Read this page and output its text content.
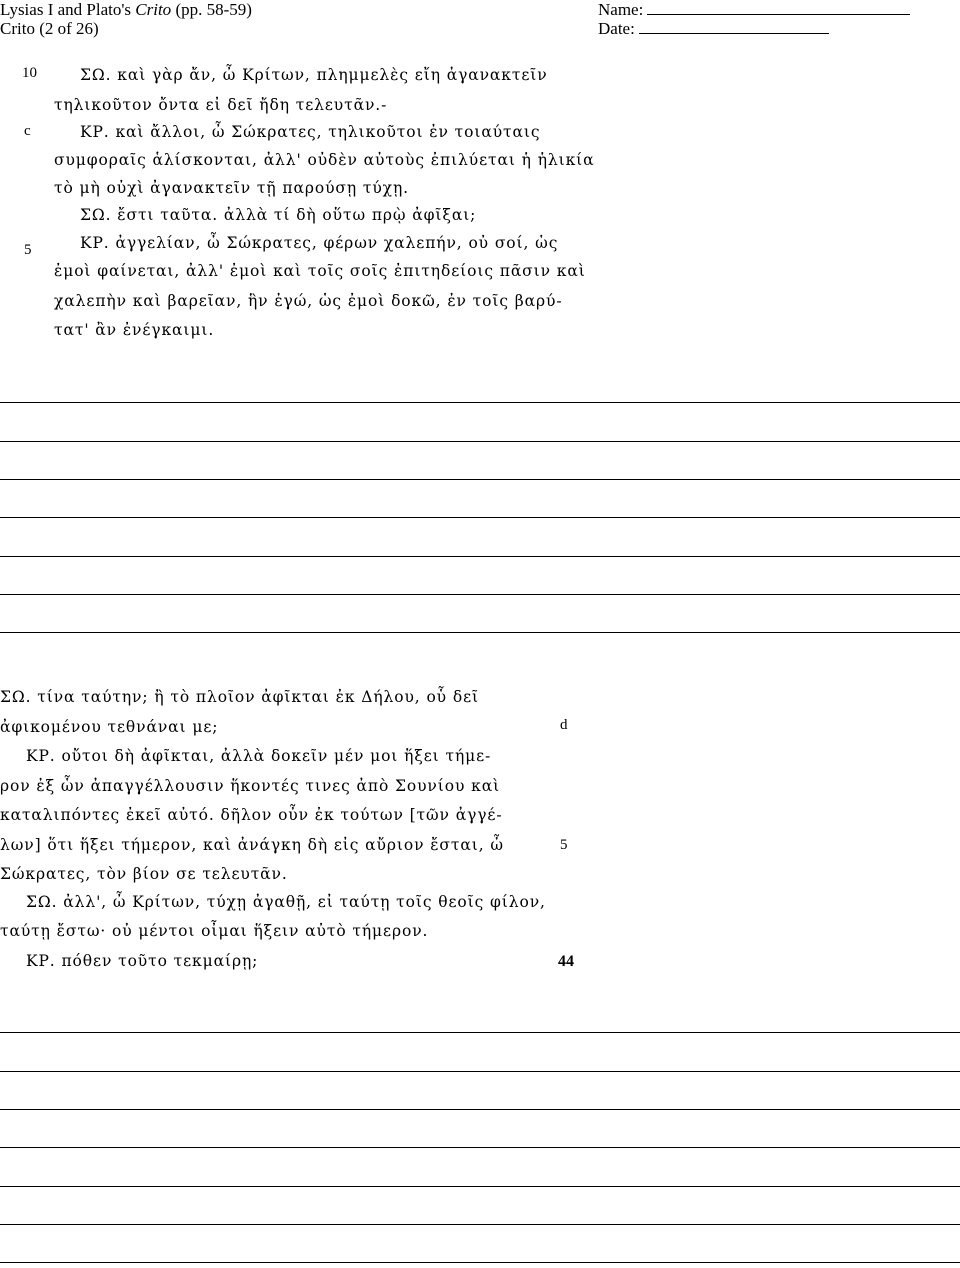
Lysias I and Plato's Crito (pp. 58-59)
Crito (2 of 26)
Name:
Date:
10
c
5
ΣΩ. καὶ γὰρ ἄν, ὦ Κρίτων, πλημμελὲς εἴη ἀγανακτεῖν
τηλικοῦτον ὄντα εἰ δεῖ ἤδη τελευτᾶν.-
ΚΡ. καὶ ἄλλοι, ὦ Σώκρατες, τηλικοῦτοι ἐν τοιαύταις
συμφοραῖς ἁλίσκονται, ἀλλ' οὐδὲν αὐτοὺς ἐπιλύεται ἡ ἡλικία
τὸ μὴ οὐχὶ ἀγανακτεῖν τῇ παρούσῃ τύχῃ.
ΣΩ. ἔστι ταῦτα. ἀλλὰ τί δὴ οὕτω πρῲ ἀφῖξαι;
ΚΡ. ἀγγελίαν, ὦ Σώκρατες, φέρων χαλεπήν, οὐ σοί, ὡς
ἐμοὶ φαίνεται, ἀλλ' ἐμοὶ καὶ τοῖς σοῖς ἐπιτηδείοις πᾶσιν καὶ
χαλεπὴν καὶ βαρεῖαν, ἣν ἐγώ, ὡς ἐμοὶ δοκῶ, ἐν τοῖς βαρύ-
τατ' ἂν ἐνέγκαιμι.
ΣΩ. τίνα ταύτην; ἢ τὸ πλοῖον ἀφῖκται ἐκ Δήλου, οὗ δεῖ
ἀφικομένου τεθνάναι με;
ΚΡ. οὔτοι δὴ ἀφῖκται, ἀλλὰ δοκεῖν μέν μοι ἥξει τήμε-
ρον ἐξ ὧν ἀπαγγέλλουσιν ἥκοντές τινες ἀπὸ Σουνίου καὶ
καταλιπόντες ἐκεῖ αὐτό. δῆλον οὖν ἐκ τούτων [τῶν ἀγγέ-
λων] ὅτι ἥξει τήμερον, καὶ ἀνάγκη δὴ εἰς αὔριον ἔσται, ὦ
Σώκρατες, τὸν βίον σε τελευτᾶν.
ΣΩ. ἀλλ', ὦ Κρίτων, τύχῃ ἀγαθῇ, εἰ ταύτῃ τοῖς θεοῖς φίλον,
ταύτῃ ἔστω· οὐ μέντοι οἶμαι ἥξειν αὐτὸ τήμερον.
ΚΡ. πόθεν τοῦτο τεκμαίρῃ;
d
5
44
